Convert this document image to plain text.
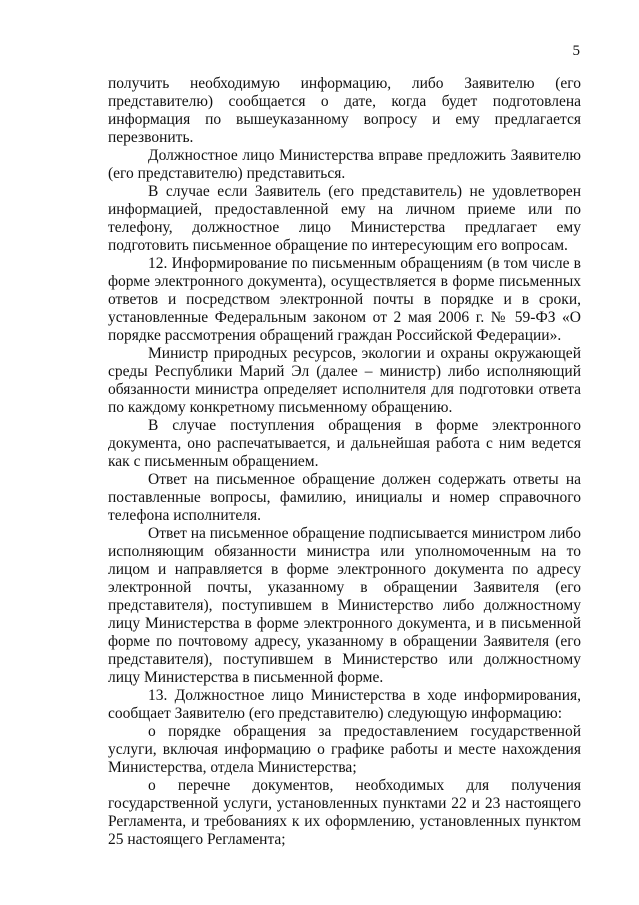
5

получить необходимую информацию, либо Заявителю (его представителю) сообщается о дате, когда будет подготовлена информация по вышеуказанному вопросу и ему предлагается перезвонить.

Должностное лицо Министерства вправе предложить Заявителю (его представителю) представиться.

В случае если Заявитель (его представитель) не удовлетворен информацией, предоставленной ему на личном приеме или по телефону, должностное лицо Министерства предлагает ему подготовить письменное обращение по интересующим его вопросам.

12. Информирование по письменным обращениям (в том числе в форме электронного документа), осуществляется в форме письменных ответов и посредством электронной почты в порядке и в сроки, установленные Федеральным законом от 2 мая 2006 г. № 59-ФЗ «О порядке рассмотрения обращений граждан Российской Федерации».

Министр природных ресурсов, экологии и охраны окружающей среды Республики Марий Эл (далее – министр) либо исполняющий обязанности министра определяет исполнителя для подготовки ответа по каждому конкретному письменному обращению.

В случае поступления обращения в форме электронного документа, оно распечатывается, и дальнейшая работа с ним ведется как с письменным обращением.

Ответ на письменное обращение должен содержать ответы на поставленные вопросы, фамилию, инициалы и номер справочного телефона исполнителя.

Ответ на письменное обращение подписывается министром либо исполняющим обязанности министра или уполномоченным на то лицом и направляется в форме электронного документа по адресу электронной почты, указанному в обращении Заявителя (его представителя), поступившем в Министерство либо должностному лицу Министерства в форме электронного документа, и в письменной форме по почтовому адресу, указанному в обращении Заявителя (его представителя), поступившем в Министерство или должностному лицу Министерства в письменной форме.

13. Должностное лицо Министерства в ходе информирования, сообщает Заявителю (его представителю) следующую информацию:

о порядке обращения за предоставлением государственной услуги, включая информацию о графике работы и месте нахождения Министерства, отдела Министерства;

о перечне документов, необходимых для получения государственной услуги, установленных пунктами 22 и 23 настоящего Регламента, и требованиях к их оформлению, установленных пунктом 25 настоящего Регламента;
